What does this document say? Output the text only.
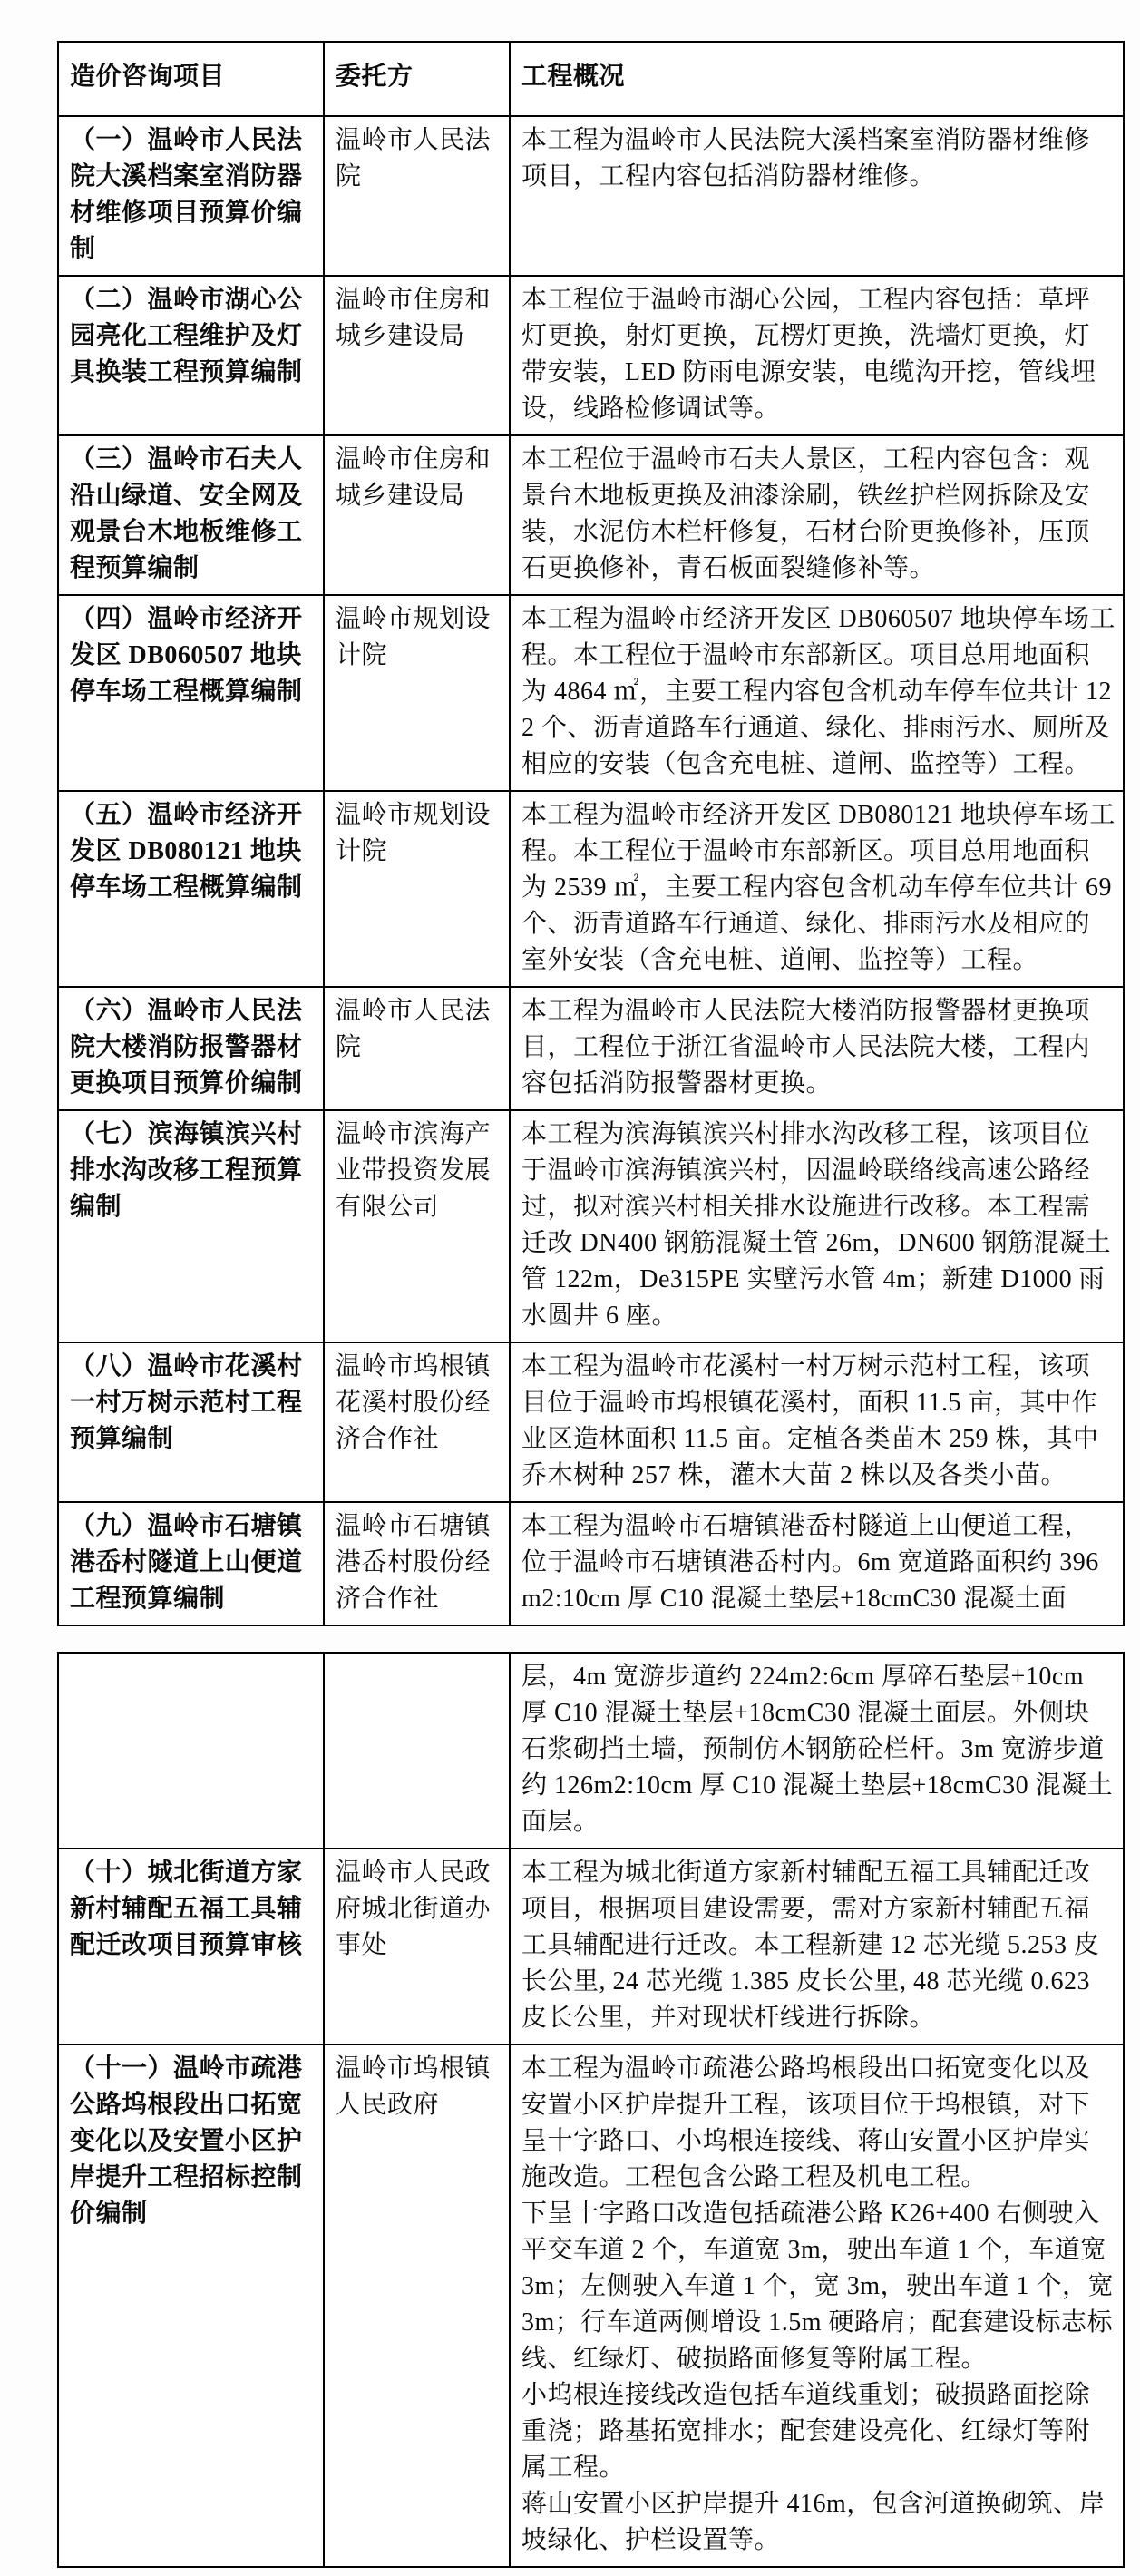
造价咨询项目	委托方	工程概况
（一）温岭市人民法院大溪档案室消防器材维修项目预算价编制	温岭市人民法院	本工程为温岭市人民法院大溪档案室消防器材维修项目，工程内容包括消防器材维修。

（二）温岭市湖心公园亮化工程维护及灯具换装工程预算编制	温岭市住房和城乡建设局	本工程位于温岭市湖心公园，工程内容包括：草坪灯更换，射灯更换，瓦楞灯更换，洗墙灯更换，灯带安装，LED 防雨电源安装，电缆沟开挖，管线埋设，线路检修调试等。

（三）温岭市石夫人沿山绿道、安全网及观景台木地板维修工程预算编制	温岭市住房和城乡建设局	本工程位于温岭市石夫人景区，工程内容包含：观景台木地板更换及油漆涂刷，铁丝护栏网拆除及安装，水泥仿木栏杆修复，石材台阶更换修补，压顶石更换修补，青石板面裂缝修补等。

（四）温岭市经济开发区 DB060507 地块停车场工程概算编制	温岭市规划设计院	本工程为温岭市经济开发区 DB060507 地块停车场工程。本工程位于温岭市东部新区。项目总用地面积为 4864 ㎡，主要工程内容包含机动车停车位共计 122 个、沥青道路车行通道、绿化、排雨污水、厕所及相应的安装（包含充电桩、道闸、监控等）工程。

（五）温岭市经济开发区 DB080121 地块停车场工程概算编制	温岭市规划设计院	本工程为温岭市经济开发区 DB080121 地块停车场工程。本工程位于温岭市东部新区。项目总用地面积为 2539 ㎡，主要工程内容包含机动车停车位共计 69 个、沥青道路车行通道、绿化、排雨污水及相应的室外安装（含充电桩、道闸、监控等）工程。

（六）温岭市人民法院大楼消防报警器材更换项目预算价编制	温岭市人民法院	本工程为温岭市人民法院大楼消防报警器材更换项目，工程位于浙江省温岭市人民法院大楼，工程内容包括消防报警器材更换。

（七）滨海镇滨兴村排水沟改移工程预算编制	温岭市滨海产业带投资发展有限公司	本工程为滨海镇滨兴村排水沟改移工程，该项目位于温岭市滨海镇滨兴村，因温岭联络线高速公路经过，拟对滨兴村相关排水设施进行改移。本工程需迁改 DN400 钢筋混凝土管 26m，DN600 钢筋混凝土管 122m，De315PE 实壁污水管 4m；新建 D1000 雨水圆井 6 座。

（八）温岭市花溪村一村万树示范村工程预算编制	温岭市坞根镇花溪村股份经济合作社	本工程为温岭市花溪村一村万树示范村工程，该项目位于温岭市坞根镇花溪村，面积 11.5 亩，其中作业区造林面积 11.5 亩。定植各类苗木 259 株，其中乔木树种 257 株，灌木大苗 2 株以及各类小苗。

（九）温岭市石塘镇港岙村隧道上山便道工程预算编制	温岭市石塘镇港岙村股份经济合作社	本工程为温岭市石塘镇港岙村隧道上山便道工程，位于温岭市石塘镇港岙村内。6m 宽道路面积约 396m2:10cm 厚 C10 混凝土垫层+18cmC30 混凝土面

		层，4m 宽游步道约 224m2:6cm 厚碎石垫层+10cm 厚 C10 混凝土垫层+18cmC30 混凝土面层。外侧块石浆砌挡土墙，预制仿木钢筋砼栏杆。3m 宽游步道约 126m2:10cm 厚 C10 混凝土垫层+18cmC30 混凝土面层。

（十）城北街道方家新村辅配五福工具辅配迁改项目预算审核	温岭市人民政府城北街道办事处	本工程为城北街道方家新村辅配五福工具辅配迁改项目，根据项目建设需要，需对方家新村辅配五福工具辅配进行迁改。本工程新建 12 芯光缆 5.253 皮长公里, 24 芯光缆 1.385 皮长公里, 48 芯光缆 0.623 皮长公里，并对现状杆线进行拆除。

（十一）温岭市疏港公路坞根段出口拓宽变化以及安置小区护岸提升工程招标控制价编制	温岭市坞根镇人民政府	本工程为温岭市疏港公路坞根段出口拓宽变化以及安置小区护岸提升工程，该项目位于坞根镇，对下呈十字路口、小坞根连接线、蒋山安置小区护岸实施改造。工程包含公路工程及机电工程。

下呈十字路口改造包括疏港公路 K26+400 右侧驶入平交车道 2 个，车道宽 3m，驶出车道 1 个，车道宽 3m；左侧驶入车道 1 个，宽 3m，驶出车道 1 个，宽 3m；行车道两侧增设 1.5m 硬路肩；配套建设标志标线、红绿灯、破损路面修复等附属工程。

小坞根连接线改造包括车道线重划；破损路面挖除重浇；路基拓宽排水；配套建设亮化、红绿灯等附属工程。

蒋山安置小区护岸提升 416m，包含河道换砌筑、岸坡绿化、护栏设置等。
